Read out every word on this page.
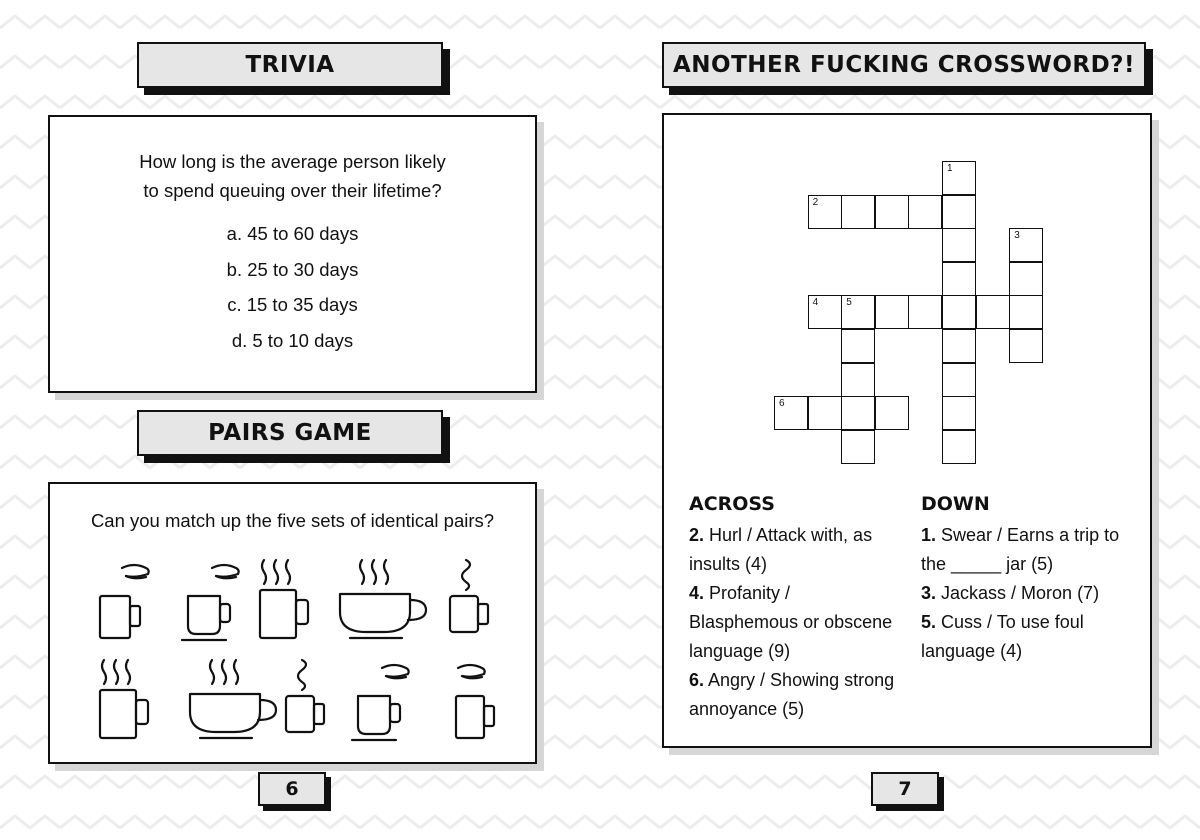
TRIVIA
How long is the average person likely
to spend queuing over their lifetime?
a. 45 to 60 days
b. 25 to 30 days
c. 15 to 35 days
d. 5 to 10 days
PAIRS GAME
Can you match up the five sets of identical pairs?
6
ANOTHER FUCKING CROSSWORD?!
1
2
3
4	5
6
ACROSS
2. Hurl / Attack with, as
insults (4)
4. Profanity /
Blasphemous or obscene
language (9)
6. Angry / Showing strong
annoyance (5)
DOWN
1. Swear / Earns a trip to
the _____ jar (5)
3. Jackass / Moron (7)
5. Cuss / To use foul
language (4)
7
